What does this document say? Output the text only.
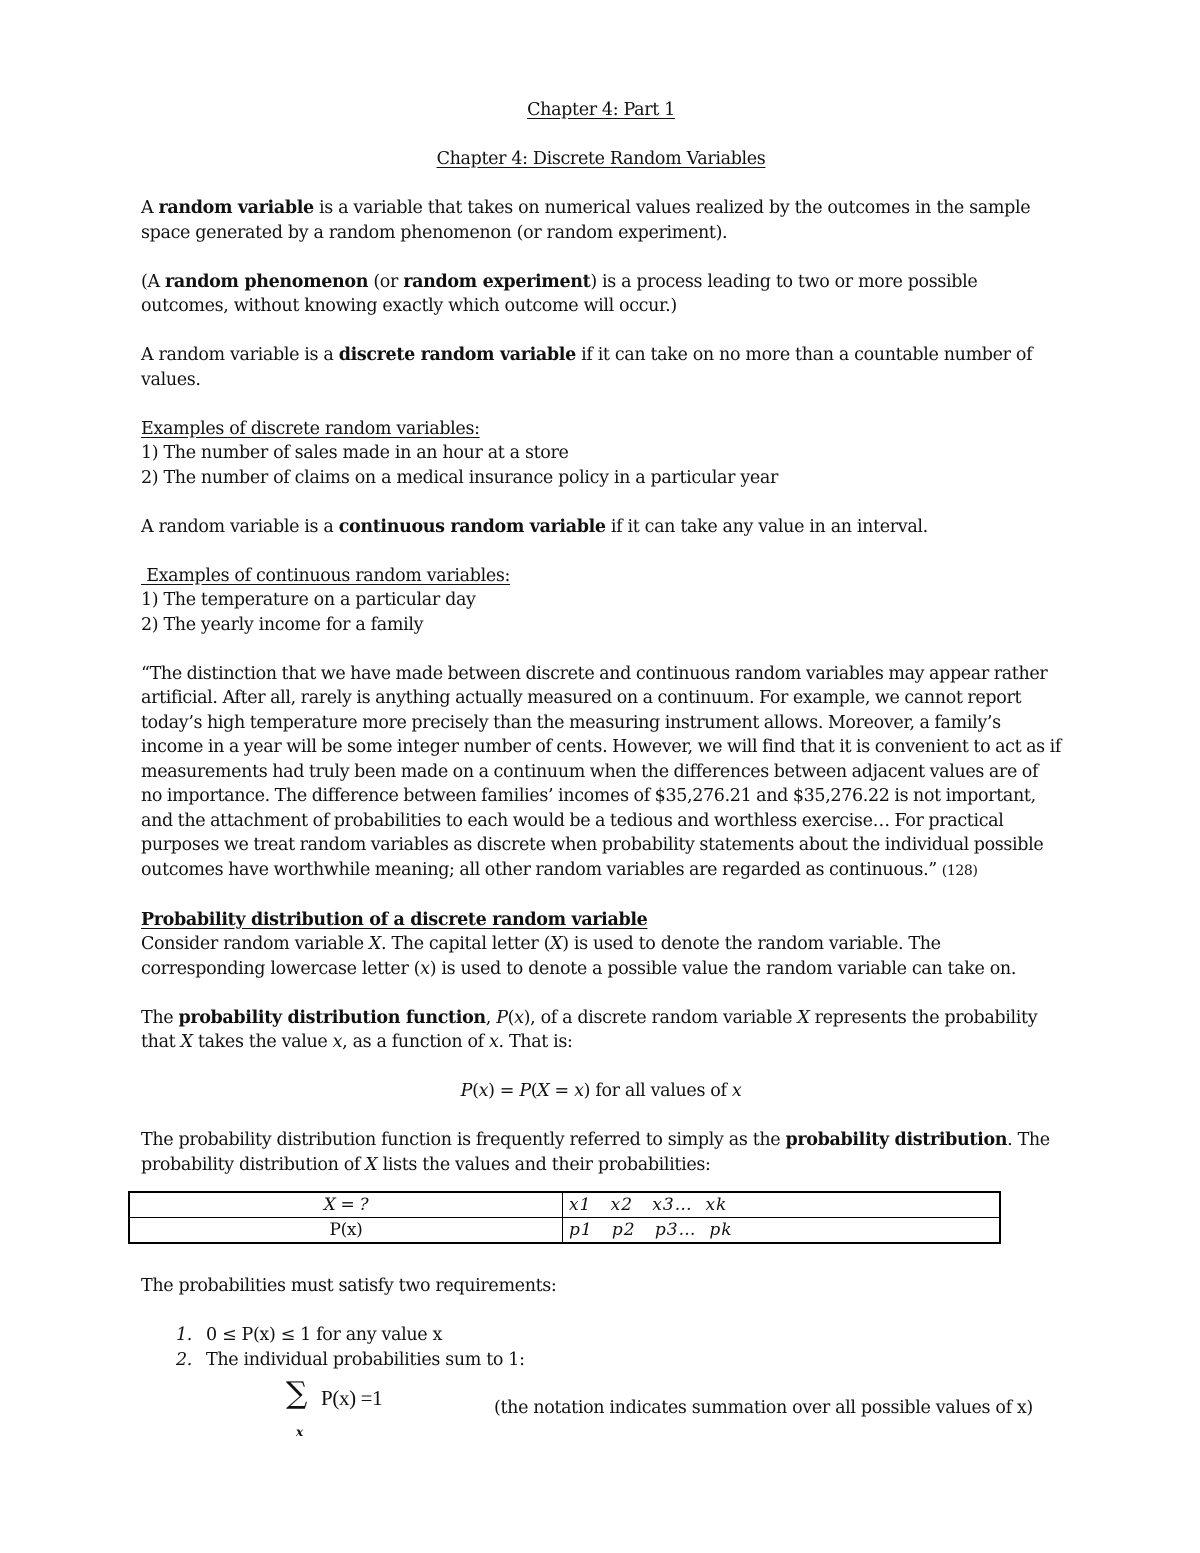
Chapter 4: Part 1

Chapter 4: Discrete Random Variables

A random variable is a variable that takes on numerical values realized by the outcomes in the sample space generated by a random phenomenon (or random experiment).

(A random phenomenon (or random experiment) is a process leading to two or more possible outcomes, without knowing exactly which outcome will occur.)

A random variable is a discrete random variable if it can take on no more than a countable number of values.

Examples of discrete random variables:

1) The number of sales made in an hour at a store

2) The number of claims on a medical insurance policy in a particular year

A random variable is a continuous random variable if it can take any value in an interval.

Examples of continuous random variables:

1) The temperature on a particular day

2) The yearly income for a family

“The distinction that we have made between discrete and continuous random variables may appear rather artificial. After all, rarely is anything actually measured on a continuum. For example, we cannot report today’s high temperature more precisely than the measuring instrument allows. Moreover, a family’s income in a year will be some integer number of cents. However, we will find that it is convenient to act as if measurements had truly been made on a continuum when the differences between adjacent values are of no importance. The difference between families’ incomes of $35,276.21 and $35,276.22 is not important, and the attachment of probabilities to each would be a tedious and worthless exercise… For practical purposes we treat random variables as discrete when probability statements about the individual possible outcomes have worthwhile meaning; all other random variables are regarded as continuous.” (128)

Probability distribution of a discrete random variable

Consider random variable X. The capital letter (X) is used to denote the random variable. The corresponding lowercase letter (x) is used to denote a possible value the random variable can take on.

The probability distribution function, P(x), of a discrete random variable X represents the probability that X takes the value x, as a function of x. That is:

P(x) = P(X = x) for all values of x

The probability distribution function is frequently referred to simply as the probability distribution. The probability distribution of X lists the values and their probabilities:

X = ?	x1   x2   x3…  xk
P(x)	p1   p2   p3…  pk

The probabilities must satisfy two requirements:

1. 0 ≤ P(x) ≤ 1 for any value x
2. The individual probabilities sum to 1:
∑
x
P(x) =1	(the notation indicates summation over all possible values of x)
